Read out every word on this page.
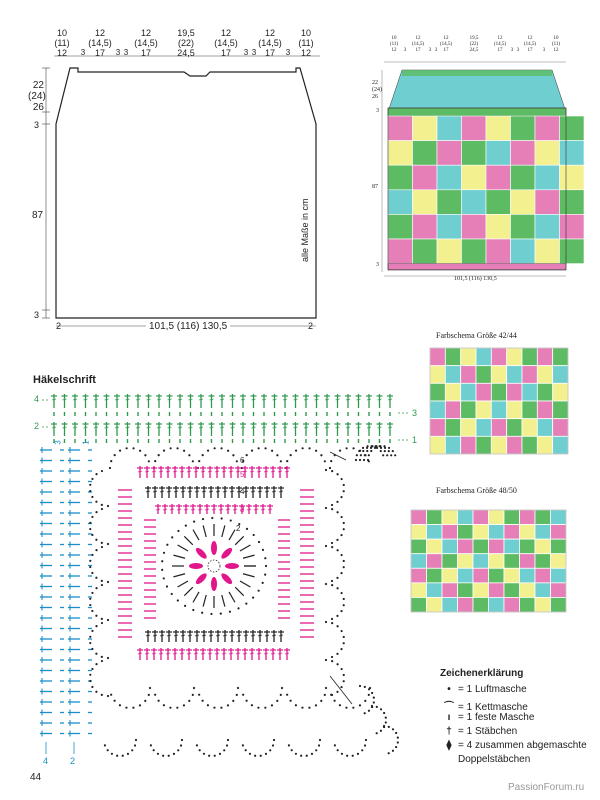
10
(11)
12	3
12
(14,5)
17	3 3
12
(14,5)
17
19,5
(22)
24,5
12
(14,5)
17	3 3
12
(14,5)
17	3
10
(11)
12
22
(24)
26
3
87
3
2	2
101,5 (116) 130,5
alle Maße in cm
10
(11)
12	3
12
(14,5)
17	3 3
12
(14,5)
17
19,5
(22)
24,5
12
(14,5)
17	3 3
12
(14,5)
17	3
10
(11)
12
22
(24)
26
3
87
3
101,5 (116) 130,5
Farbschema Größe 42/44
Farbschema Größe 48/50
Häkelschrift
4
2
3
1
4 2
3 1
6
5
4
3
2
Zeichenerklärung
• = 1 Luftmasche
⌒ = 1 Kettmasche
ı = 1 feste Masche
† = 1 Stäbchen
⧫ = 4 zusammen abgemaschte
Doppelstäbchen
44
PassionForum.ru
